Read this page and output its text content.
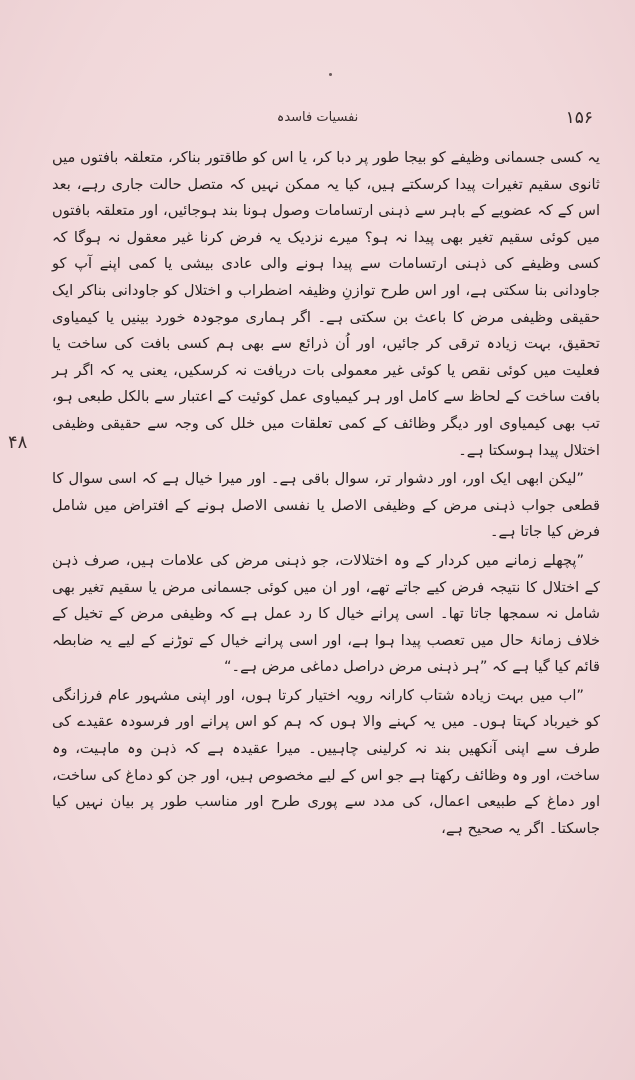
نفسیات فاسدہ	۱۵۶
۴۸

یہ کسی جسمانی وظیفے کو بیجا طور پر دبا کر، یا اس کو طاقتور بناکر، متعلقہ بافتوں میں ثانوی سقیم تغیرات پیدا کرسکتے ہیں، کیا یہ ممکن نہیں کہ متصل حالت جاری رہے، بعد اس کے کہ عضویے کے باہر سے ذہنی ارتسامات وصول ہونا بند ہوجائیں، اور متعلقہ بافتوں میں کوئی سقیم تغیر بھی پیدا نہ ہو؟ میرے نزدیک یہ فرض کرنا غیر معقول نہ ہوگا کہ کسی وظیفے کی ذہنی ارتسامات سے پیدا ہونے والی عادی بیشی یا کمی اپنے آپ کو جاودانی بنا سکتی ہے، اور اس طرح توازنِ وظیفہ اضطراب و اختلال کو جاودانی بناکر ایک حقیقی وظیفی مرض کا باعث بن سکتی ہے۔ اگر ہماری موجودہ خورد بینیں یا کیمیاوی تحقیق، بہت زیادہ ترقی کر جائیں، اور اُن ذرائع سے بھی ہم کسی بافت کی ساخت یا فعلیت میں کوئی نقص یا کوئی غیر معمولی بات دریافت نہ کرسکیں، یعنی یہ کہ اگر ہر بافت ساخت کے لحاظ سے کامل اور ہر کیمیاوی عمل کوئیت کے اعتبار سے بالکل طبعی ہو، تب بھی کیمیاوی اور دیگر وظائف کے کمی تعلقات میں خلل کی وجہ سے حقیقی وظیفی اختلال پیدا ہوسکتا ہے۔

”لیکن ابھی ایک اور، اور دشوار تر، سوال باقی ہے۔ اور میرا خیال ہے کہ اسی سوال کا قطعی جواب ذہنی مرض کے وظیفی الاصل یا نفسی الاصل ہونے کے افتراض میں شامل فرض کیا جاتا ہے۔

”پچھلے زمانے میں کردار کے وہ اختلالات، جو ذہنی مرض کی علامات ہیں، صرف ذہن کے اختلال کا نتیجہ فرض کیے جاتے تھے، اور ان میں کوئی جسمانی مرض یا سقیم تغیر بھی شامل نہ سمجھا جاتا تھا۔ اسی پرانے خیال کا رد عمل ہے کہ وظیفی مرض کے تخیل کے خلاف زمانۂ حال میں تعصب پیدا ہوا ہے، اور اسی پرانے خیال کے توڑنے کے لیے یہ ضابطہ قائم کیا گیا ہے کہ ”ہر ذہنی مرض دراصل دماغی مرض ہے۔“

”اب میں بہت زیادہ شتاب کارانہ رویہ اختیار کرتا ہوں، اور اپنی مشہور عام فرزانگی کو خیرباد کہتا ہوں۔ میں یہ کہنے والا ہوں کہ ہم کو اس پرانے اور فرسودہ عقیدے کی طرف سے اپنی آنکھیں بند نہ کرلینی چاہییں۔ میرا عقیدہ ہے کہ ذہن وہ ماہیت، وہ ساخت، اور وہ وظائف رکھتا ہے جو اس کے لیے مخصوص ہیں، اور جن کو دماغ کی ساخت، اور دماغ کے طبیعی اعمال، کی مدد سے پوری طرح اور مناسب طور پر بیان نہیں کیا جاسکتا۔ اگر یہ صحیح ہے،
